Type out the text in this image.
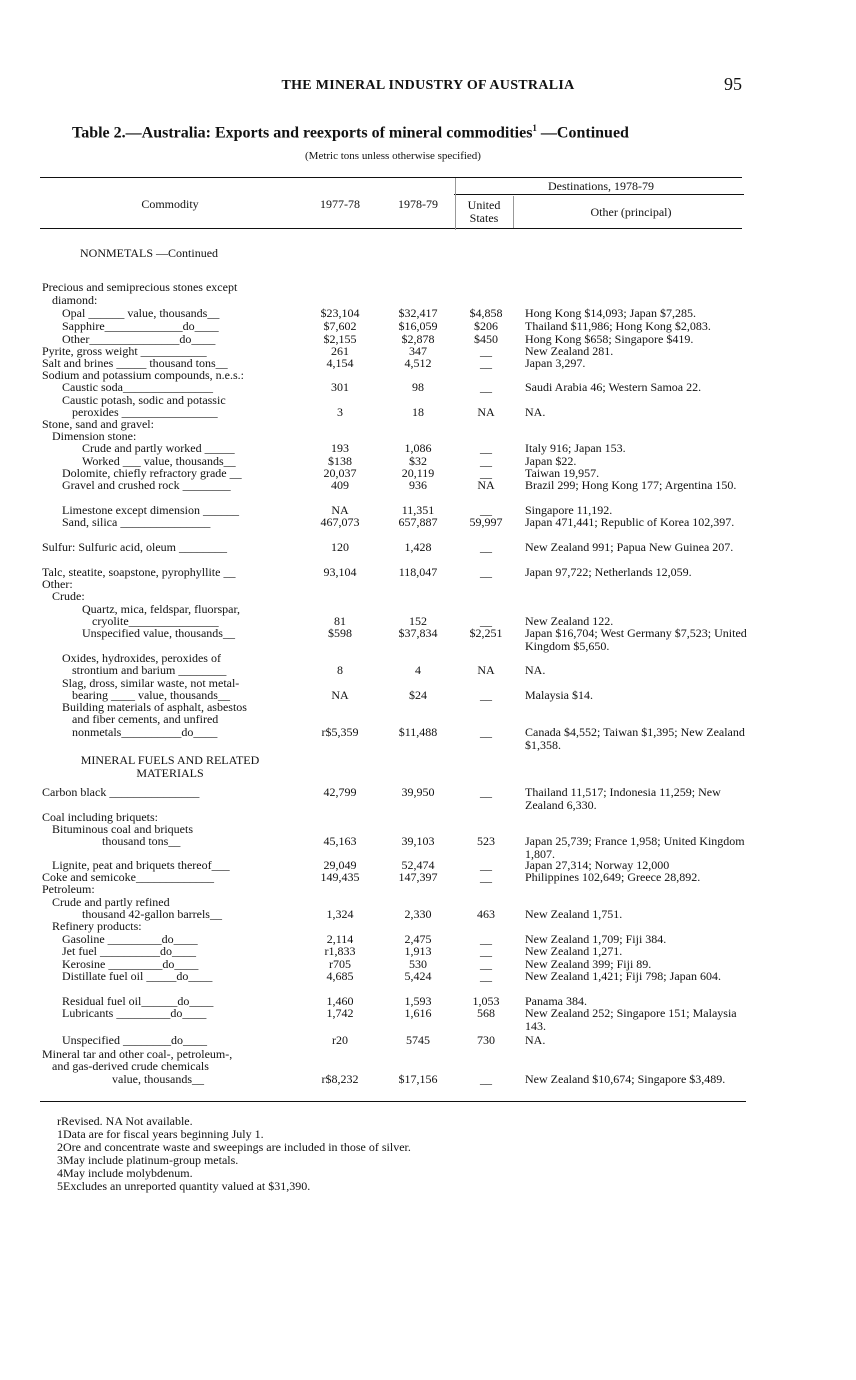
THE MINERAL INDUSTRY OF AUSTRALIA	95
Table 2.—Australia: Exports and reexports of mineral commodities$^1$ —Continued
(Metric tons unless otherwise specified)
Commodity	1977-78	1978-79
Destinations, 1978-79
United States	Other (principal)
NONMETALS —Continued
MINERAL FUELS AND RELATED MATERIALS
Precious and semiprecious stones except
diamond:
Opal ______ value, thousands__	$23,104	$32,417	$4,858	Hong Kong $14,093; Japan $7,285.
Sapphire_____________do____	$7,602	$16,059	$206	Thailand $11,986; Hong Kong $2,083.
Other_______________do____	$2,155	$2,878	$450	Hong Kong $658; Singapore $419.
Pyrite, gross weight ___________	261	347	__	New Zealand 281.
Salt and brines _____ thousand tons__	4,154	4,512	__	Japan 3,297.
Sodium and potassium compounds, n.e.s.:
Caustic soda_______________	301	98	__	Saudi Arabia 46; Western Samoa 22.
Caustic potash, sodic and potassic
peroxides ________________	3	18	NA	NA.
Stone, sand and gravel:
Dimension stone:
Crude and partly worked _____	193	1,086	__	Italy 916; Japan 153.
Worked ___ value, thousands__	$138	$32	__	Japan $22.
Dolomite, chiefly refractory grade __	20,037	20,119	__	Taiwan 19,957.
Gravel and crushed rock ________	409	936	NA	Brazil 299; Hong Kong 177; Argentina 150.
Limestone except dimension ______	NA	11,351	__	Singapore 11,192.
Sand, silica _______________	467,073	657,887	59,997	Japan 471,441; Republic of Korea 102,397.
Sulfur: Sulfuric acid, oleum ________	120	1,428	__	New Zealand 991; Papua New Guinea 207.
Talc, steatite, soapstone, pyrophyllite __	93,104	118,047	__	Japan 97,722; Netherlands 12,059.
Other:
Crude:
Quartz, mica, feldspar, fluorspar,
cryolite_______________	81	152	__	New Zealand 122.
Unspecified value, thousands__	$598	$37,834	$2,251	Japan $16,704; West Germany $7,523; United Kingdom $5,650.
Oxides, hydroxides, peroxides of
strontium and barium ________	8	4	NA	NA.
Slag, dross, similar waste, not metal-
bearing ____ value, thousands__	NA	$24	__	Malaysia $14.
Building materials of asphalt, asbestos
and fiber cements, and unfired
nonmetals__________do____	r$5,359	$11,488	__	Canada $4,552; Taiwan $1,395; New Zealand $1,358.
Carbon black _______________	42,799	39,950	__	Thailand 11,517; Indonesia 11,259; New Zealand 6,330.
Coal including briquets:
Bituminous coal and briquets
thousand tons__	45,163	39,103	523	Japan 25,739; France 1,958; United Kingdom 1,807.
Lignite, peat and briquets thereof___	29,049	52,474	__	Japan 27,314; Norway 12,000
Coke and semicoke_____________	149,435	147,397	__	Philippines 102,649; Greece 28,892.
Petroleum:
Crude and partly refined
thousand 42-gallon barrels__	1,324	2,330	463	New Zealand 1,751.
Refinery products:
Gasoline _________do____	2,114	2,475	__	New Zealand 1,709; Fiji 384.
Jet fuel __________do____	r1,833	1,913	__	New Zealand 1,271.
Kerosine _________do____	r705	530	__	New Zealand 399; Fiji 89.
Distillate fuel oil _____do____	4,685	5,424	__	New Zealand 1,421; Fiji 798; Japan 604.
Residual fuel oil______do____	1,460	1,593	1,053	Panama 384.
Lubricants _________do____	1,742	1,616	568	New Zealand 252; Singapore 151; Malaysia 143.
Unspecified ________do____	r20	5745	730	NA.
Mineral tar and other coal-, petroleum-,
and gas-derived crude chemicals
value, thousands__	r$8,232	$17,156	__	New Zealand $10,674; Singapore $3,489.
rRevised. NA Not available.
1Data are for fiscal years beginning July 1.
2Ore and concentrate waste and sweepings are included in those of silver.
3May include platinum-group metals.
4May include molybdenum.
5Excludes an unreported quantity valued at $31,390.
